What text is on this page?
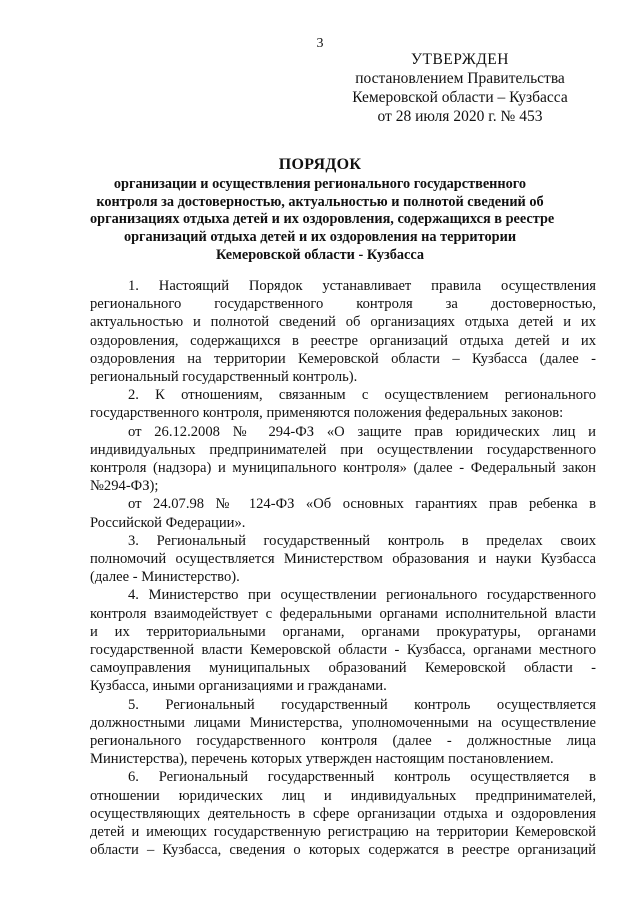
3
УТВЕРЖДЕН
постановлением Правительства
Кемеровской области – Кузбасса
от 28 июля 2020 г. № 453
ПОРЯДОК
организации и осуществления регионального государственного
контроля за достоверностью, актуальностью и полнотой сведений об
организациях отдыха детей и их оздоровления, содержащихся в реестре
организаций отдыха детей и их оздоровления на территории
Кемеровской области - Кузбасса
1. Настоящий Порядок устанавливает правила осуществления
регионального государственного контроля за достоверностью,
актуальностью и полнотой сведений об организациях отдыха детей и их
оздоровления, содержащихся в реестре организаций отдыха детей и их
оздоровления на территории Кемеровской области – Кузбасса (далее -
региональный государственный контроль).
2. К отношениям, связанным с осуществлением регионального
государственного контроля, применяются положения федеральных законов:
от 26.12.2008 № 294-ФЗ «О защите прав юридических лиц и
индивидуальных предпринимателей при осуществлении государственного
контроля (надзора) и муниципального контроля» (далее - Федеральный закон
№294-ФЗ);
от 24.07.98 № 124-ФЗ «Об основных гарантиях прав ребенка в
Российской Федерации».
3. Региональный государственный контроль в пределах своих
полномочий осуществляется Министерством образования и науки Кузбасса
(далее - Министерство).
4. Министерство при осуществлении регионального государственного
контроля взаимодействует с федеральными органами исполнительной власти
и их территориальными органами, органами прокуратуры, органами
государственной власти Кемеровской области - Кузбасса, органами местного
самоуправления муниципальных образований Кемеровской области -
Кузбасса, иными организациями и гражданами.
5. Региональный государственный контроль осуществляется
должностными лицами Министерства, уполномоченными на осуществление
регионального государственного контроля (далее - должностные лица
Министерства), перечень которых утвержден настоящим постановлением.
6. Региональный государственный контроль осуществляется в
отношении юридических лиц и индивидуальных предпринимателей,
осуществляющих деятельность в сфере организации отдыха и оздоровления
детей и имеющих государственную регистрацию на территории Кемеровской
области – Кузбасса, сведения о которых содержатся в реестре организаций
